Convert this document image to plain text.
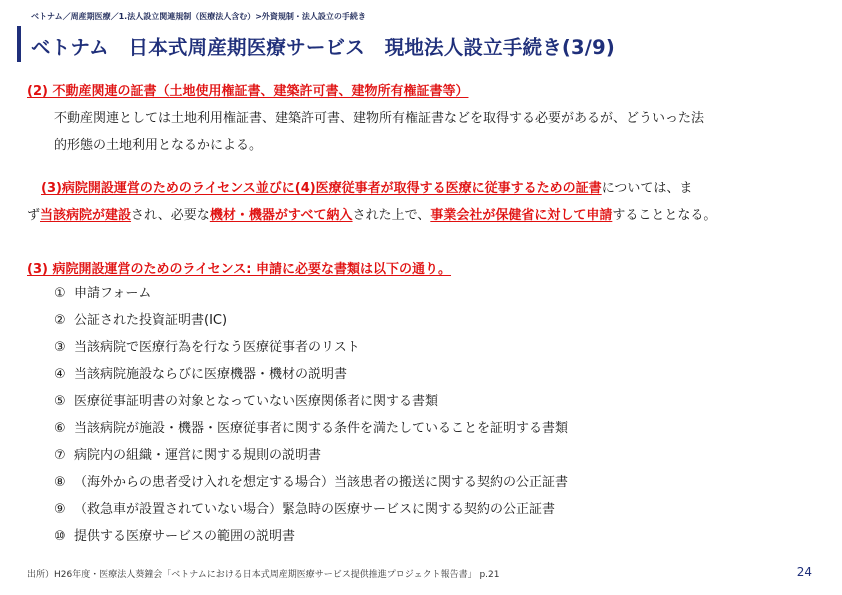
ベトナム／周産期医療／1.法人設立関連規制（医療法人含む）>外資規制・法人設立の手続き
ベトナム　日本式周産期医療サービス　現地法人設立手続き(3/9)
(2) 不動産関連の証書（土地使用権証書、建築許可書、建物所有権証書等）
不動産関連としては土地利用権証書、建築許可書、建物所有権証書などを取得する必要があるが、どういった法
的形態の土地利用となるかによる。
(3)病院開設運営のためのライセンス並びに(4)医療従事者が取得する医療に従事するための証書については、ま
ず当該病院が建設され、必要な機材・機器がすべて納入された上で、事業会社が保健省に対して申請することとなる。
(3) 病院開設運営のためのライセンス: 申請に必要な書類は以下の通り。
① 申請フォーム
② 公証された投資証明書(IC)
③ 当該病院で医療行為を行なう医療従事者のリスト
④ 当該病院施設ならびに医療機器・機材の説明書
⑤ 医療従事証明書の対象となっていない医療関係者に関する書類
⑥ 当該病院が施設・機器・医療従事者に関する条件を満たしていることを証明する書類
⑦ 病院内の組織・運営に関する規則の説明書
⑧ （海外からの患者受け入れを想定する場合）当該患者の搬送に関する契約の公正証書
⑨ （救急車が設置されていない場合）緊急時の医療サービスに関する契約の公正証書
⑩ 提供する医療サービスの範囲の説明書
出所）H26年度・医療法人葵鐘会「ベトナムにおける日本式周産期医療サービス提供推進プロジェクト報告書」 p.21	24
